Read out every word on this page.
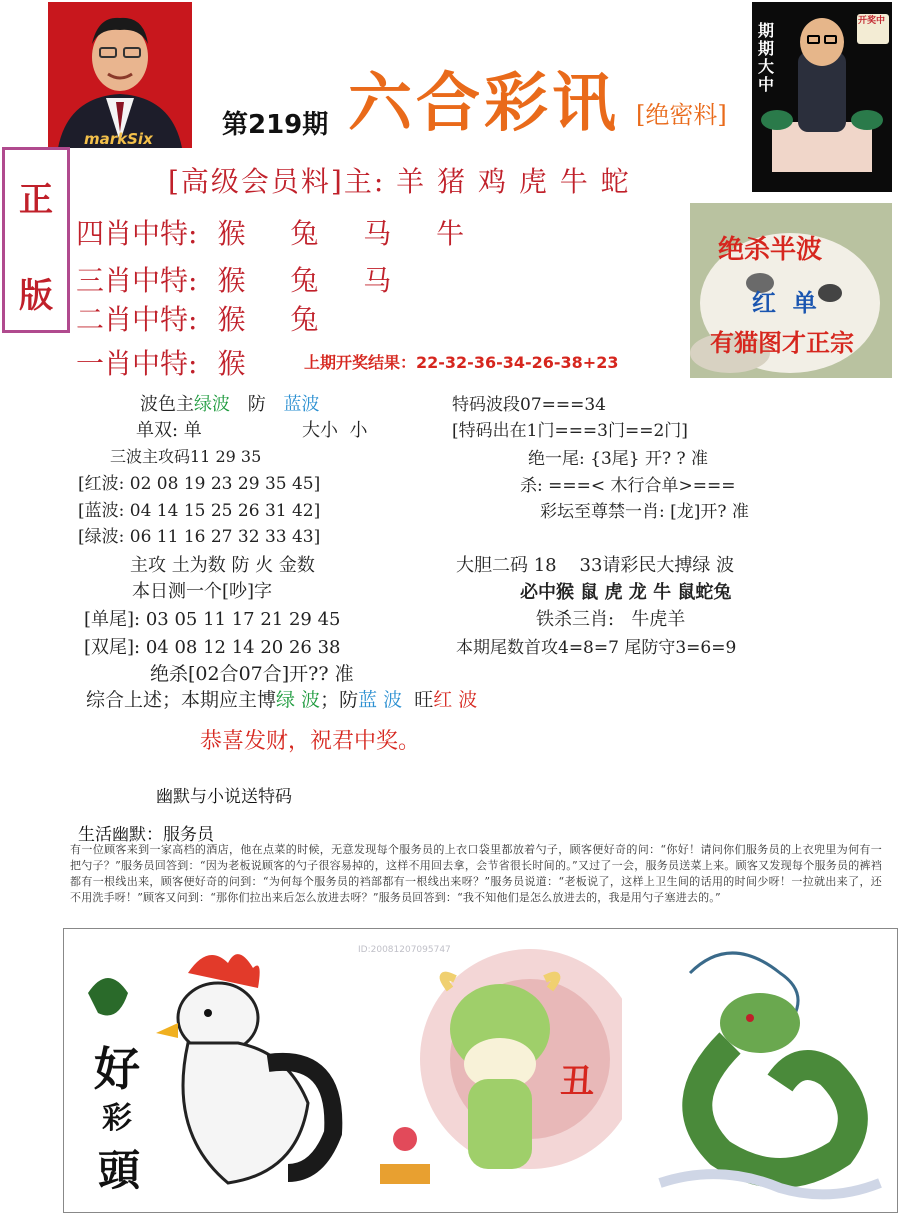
markSix
期期大中
开奖中
第219期 六合彩讯 [绝密料]
正
版
[高级会员料]主: 羊 猪 鸡 虎 牛 蛇
四肖中特: 猴 兔 马 牛
三肖中特: 猴 兔 马
二肖中特: 猴 兔
一肖中特: 猴	上期开奖结果：22-32-36-34-26-38+23
绝杀半波
红  单
有猫图才正宗
波色主绿波 防 蓝波
单双: 单	大小  小
三波主攻码11 29 35
[红波: 02 08 19 23 29 35 45]
[蓝波: 04 14 15 25 26 31 42]
[绿波: 06 11 16 27 32 33 43]
主攻 土为数 防 火 金数
本日测一个[吵]字
[单尾]: 03 05 11 17 21 29 45
[双尾]: 04 08 12 14 20 26 38
绝杀[02合07合]开?? 准
特码波段07===34
[特码出在1门===3门==2门]
绝一尾: {3尾} 开? ? 准
杀: ===< 木行合单>===
彩坛至尊禁一肖: [龙]开? 准
大胆二码 18    33请彩民大搏绿 波
必中猴 鼠 虎 龙 牛 鼠蛇兔
铁杀三肖:   牛虎羊
本期尾数首攻4=8=7 尾防守3=6=9
综合上述；本期应主博绿 波；防蓝 波  旺红 波
恭喜发财，祝君中奖。
幽默与小说送特码
生活幽默：服务员
有一位顾客来到一家高档的酒店，他在点菜的时候，无意发现每个服务员的上衣口袋里都放着勺子，顾客便好奇的问：“你好！请问你们服务员的上衣兜里为何有一把勺子？”服务员回答到：“因为老板说顾客的勺子很容易掉的，这样不用回去拿，会节省很长时间的。”又过了一会，服务员送菜上来。顾客又发现每个服务员的裤裆都有一根线出来，顾客便好奇的问到：“为何每个服务员的裆部都有一根线出来呀？”服务员说道：“老板说了，这样上卫生间的话用的时间少呀！一拉就出来了，还不用洗手呀！”顾客又问到：“那你们拉出来后怎么放进去呀？”服务员回答到：“我不知他们是怎么放进去的，我是用勺子塞进去的。”
好
彩
頭
ID:20081207095747
丑
